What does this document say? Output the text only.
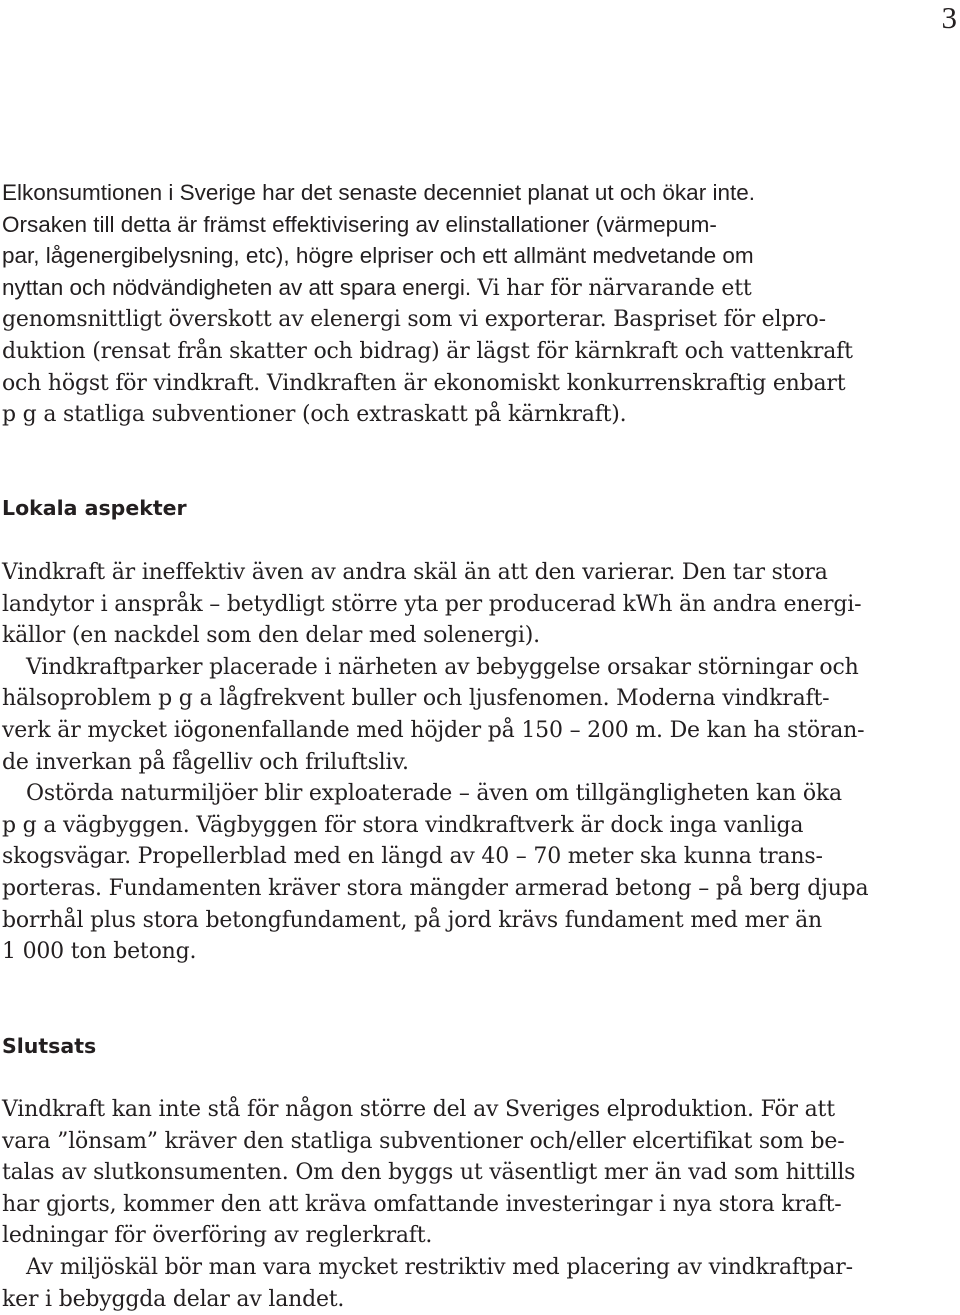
3
Elkonsumtionen i Sverige har det senaste decenniet planat ut och ökar inte.
Orsaken till detta är främst effektivisering av elinstallationer (värmepum-
par, lågenergibelysning, etc), högre elpriser och ett allmänt medvetande om
nyttan och nödvändigheten av att spara energi. Vi har för närvarande ett
genomsnittligt överskott av elenergi som vi exporterar. Baspriset för elpro-
duktion (rensat från skatter och bidrag) är lägst för kärnkraft och vattenkraft
och högst för vindkraft. Vindkraften är ekonomiskt konkurrenskraftig enbart
p g a statliga subventioner (och extraskatt på kärnkraft).
Lokala aspekter
Vindkraft är ineffektiv även av andra skäl än att den varierar. Den tar stora
landytor i anspråk – betydligt större yta per producerad kWh än andra energi-
källor (en nackdel som den delar med solenergi).
Vindkraftparker placerade i närheten av bebyggelse orsakar störningar och
hälsoproblem p g a lågfrekvent buller och ljusfenomen. Moderna vindkraft-
verk är mycket iögonenfallande med höjder på 150 – 200 m. De kan ha störan-
de inverkan på fågelliv och friluftsliv.
Ostörda naturmiljöer blir exploaterade – även om tillgängligheten kan öka
p g a vägbyggen. Vägbyggen för stora vindkraftverk är dock inga vanliga
skogsvägar. Propellerblad med en längd av 40 – 70 meter ska kunna trans-
porteras. Fundamenten kräver stora mängder armerad betong – på berg djupa
borrhål plus stora betongfundament, på jord krävs fundament med mer än
1 000 ton betong.
Slutsats
Vindkraft kan inte stå för någon större del av Sveriges elproduktion. För att
vara ”lönsam” kräver den statliga subventioner och/eller elcertifikat som be-
talas av slutkonsumenten. Om den byggs ut väsentligt mer än vad som hittills
har gjorts, kommer den att kräva omfattande investeringar i nya stora kraft-
ledningar för överföring av reglerkraft.
Av miljöskäl bör man vara mycket restriktiv med placering av vindkraftpar-
ker i bebyggda delar av landet.
